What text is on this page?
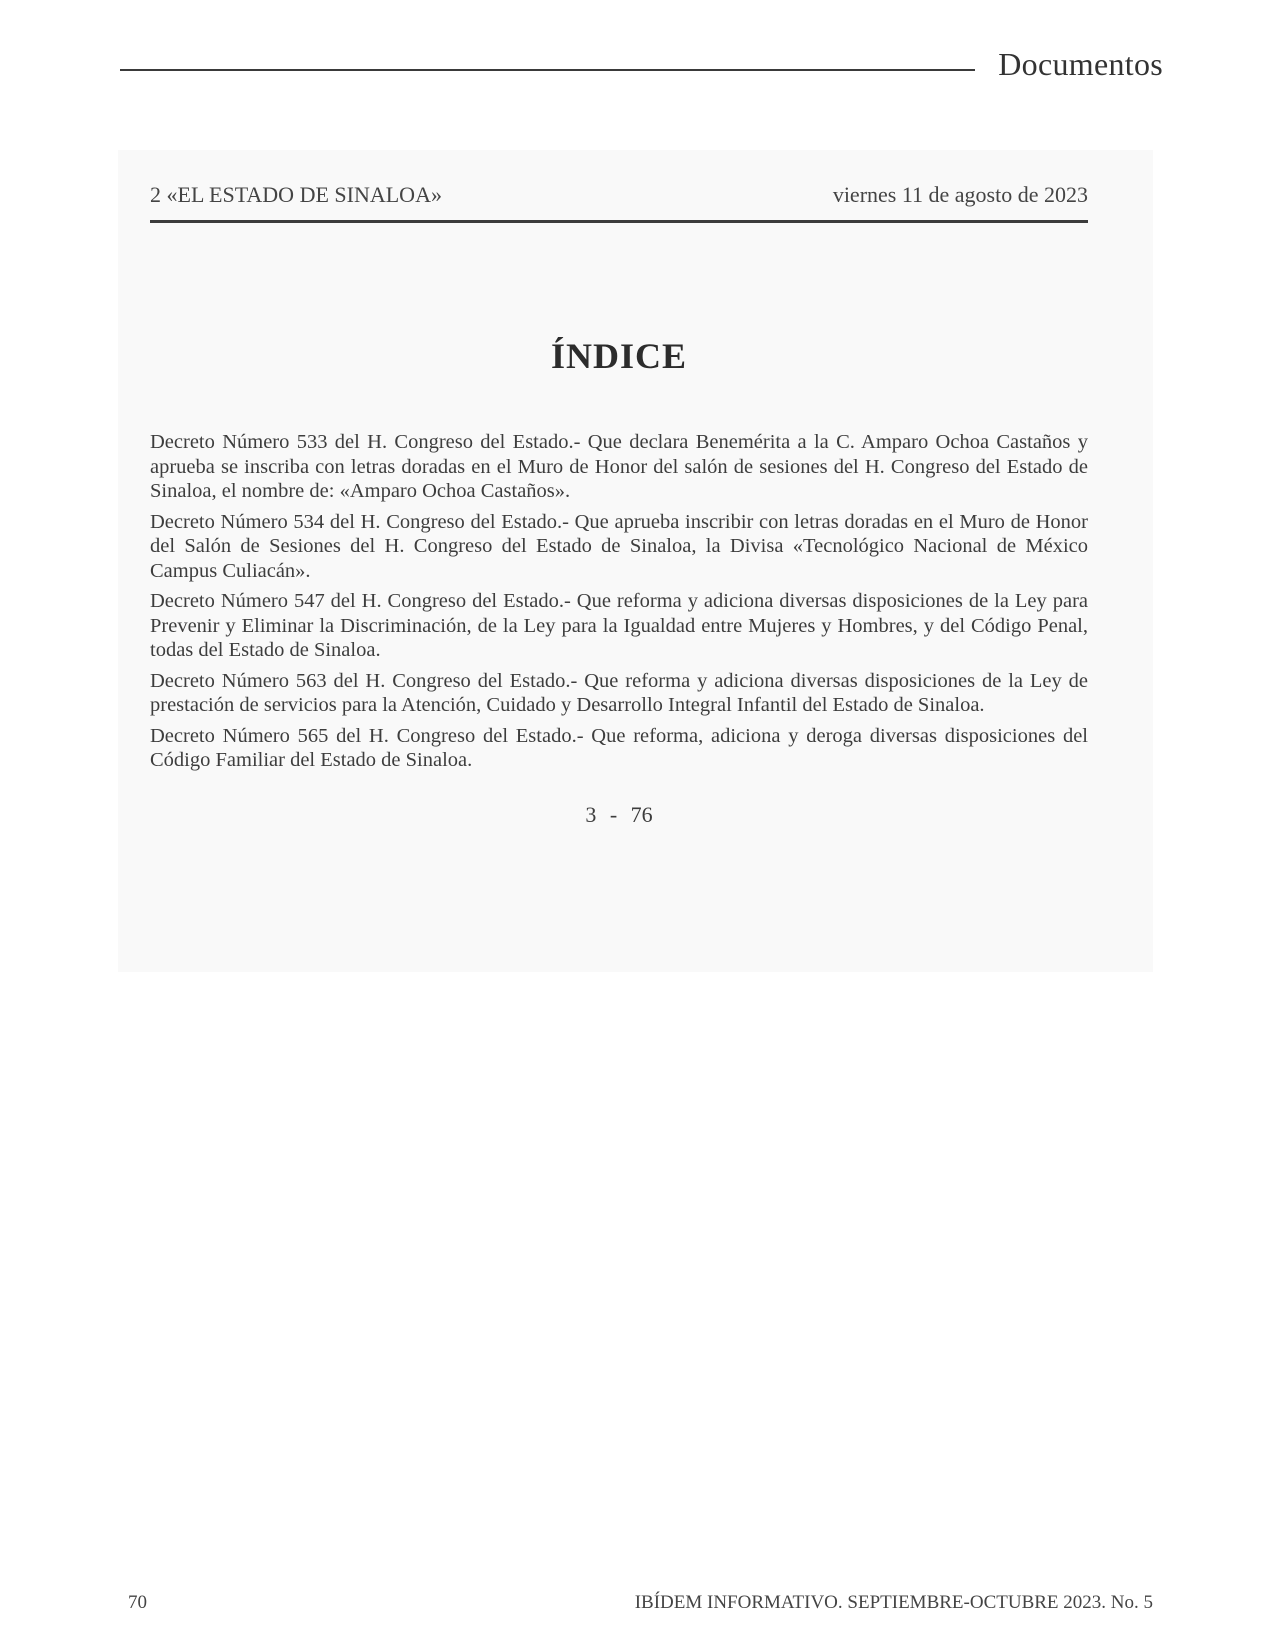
Documentos
2 «EL ESTADO DE SINALOA»	viernes 11 de agosto de 2023
ÍNDICE
Decreto Número 533 del H. Congreso del Estado.- Que declara Benemérita a la C. Amparo Ochoa Castaños y aprueba se inscriba con letras doradas en el Muro de Honor del salón de sesiones del H. Congreso del Estado de Sinaloa, el nombre de: «Amparo Ochoa Castaños».
Decreto Número 534 del H. Congreso del Estado.- Que aprueba inscribir con letras doradas en el Muro de Honor del Salón de Sesiones del H. Congreso del Estado de Sinaloa, la Divisa «Tecnológico Nacional de México Campus Culiacán».
Decreto Número 547 del H. Congreso del Estado.- Que reforma y adiciona diversas disposiciones de la Ley para Prevenir y Eliminar la Discriminación, de la Ley para la Igualdad entre Mujeres y Hombres, y del Código Penal, todas del Estado de Sinaloa.
Decreto Número 563 del H. Congreso del Estado.- Que reforma y adiciona diversas disposiciones de la Ley de prestación de servicios para la Atención, Cuidado y Desarrollo Integral Infantil del Estado de Sinaloa.
Decreto Número 565 del H. Congreso del Estado.- Que reforma, adiciona y deroga diversas disposiciones del Código Familiar del Estado de Sinaloa.
3 - 76
70	IBÍDEM INFORMATIVO. SEPTIEMBRE-OCTUBRE 2023. No. 5
